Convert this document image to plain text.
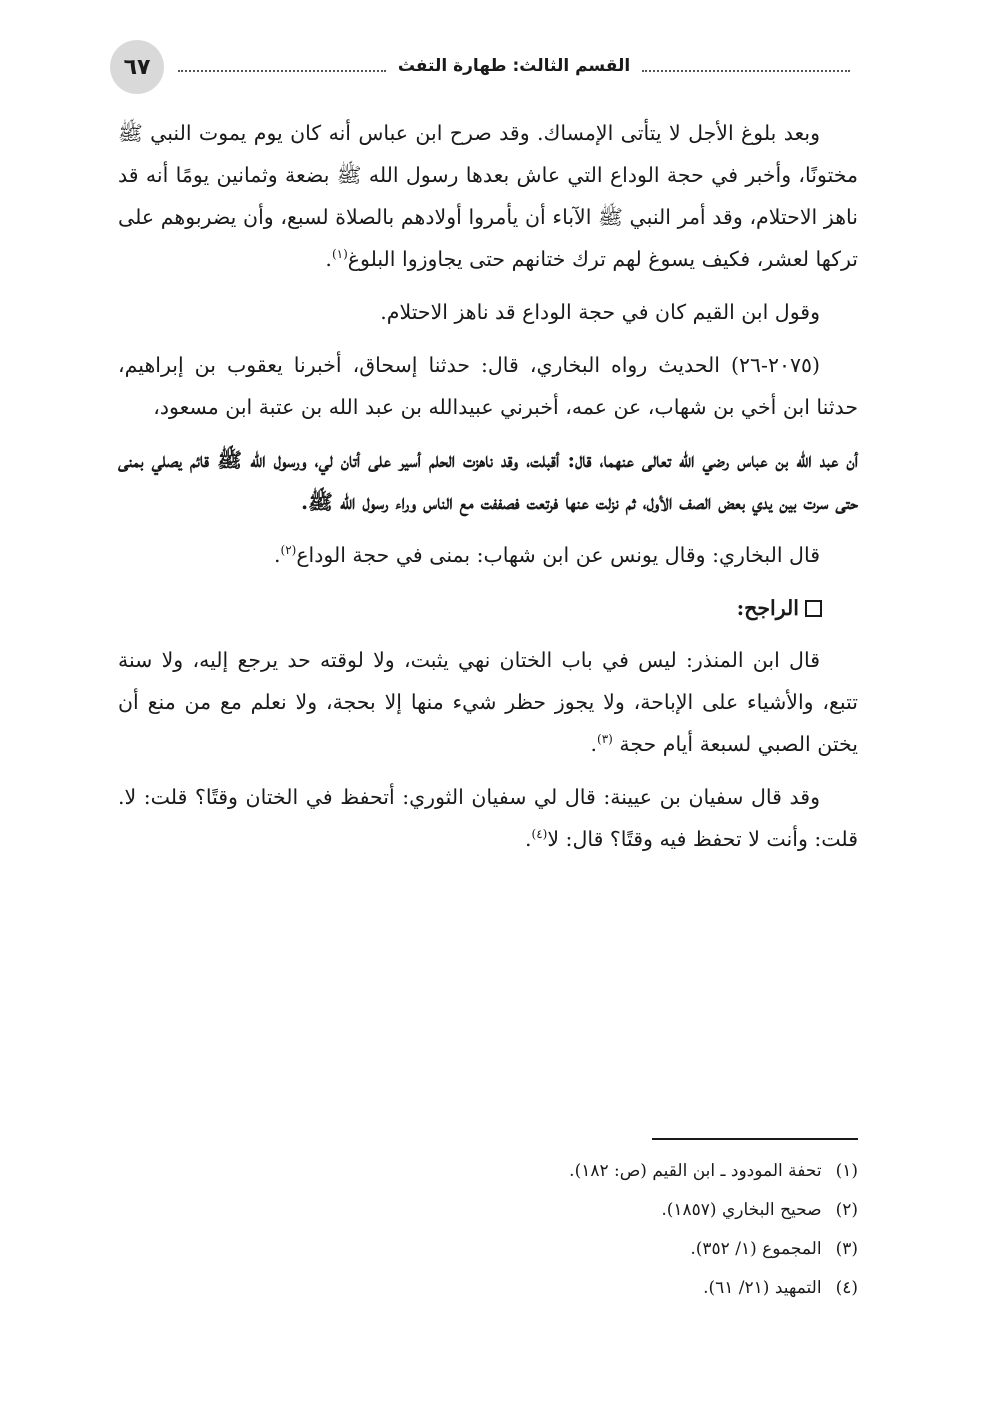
٦٧	القسم الثالث: طهارة التفث

وبعد بلوغ الأجل لا يتأتى الإمساك. وقد صرح ابن عباس أنه كان يوم يموت النبي ﷺ مختونًا، وأخبر في حجة الوداع التي عاش بعدها رسول الله ﷺ بضعة وثمانين يومًا أنه قد ناهز الاحتلام، وقد أمر النبي ﷺ الآباء أن يأمروا أولادهم بالصلاة لسبع، وأن يضربوهم على تركها لعشر، فكيف يسوغ لهم ترك ختانهم حتى يجاوزوا البلوغ$^{(١)}$.

وقول ابن القيم كان في حجة الوداع قد ناهز الاحتلام.

(٢٠٧٥-٢٦) الحديث رواه البخاري، قال: حدثنا إسحاق، أخبرنا يعقوب بن إبراهيم، حدثنا ابن أخي بن شهاب، عن عمه، أخبرني عبيدالله بن عبد الله بن عتبة ابن مسعود،

أن عبد الله بن عباس رضي الله تعالى عنهما، قال: أقبلت، وقد ناهزت الحلم أسير على أتان لي، ورسول الله ﷺ قائم يصلي بمنى حتى سرت بين يدي بعض الصف الأول، ثم نزلت عنها فرتعت فصففت مع الناس وراء رسول الله ﷺ.

قال البخاري: وقال يونس عن ابن شهاب: بمنى في حجة الوداع$^{(٢)}$.

الراجح:

قال ابن المنذر: ليس في باب الختان نهي يثبت، ولا لوقته حد يرجع إليه، ولا سنة تتبع، والأشياء على الإباحة، ولا يجوز حظر شيء منها إلا بحجة، ولا نعلم مع من منع أن يختن الصبي لسبعة أيام حجة $^{(٣)}$.

وقد قال سفيان بن عيينة: قال لي سفيان الثوري: أتحفظ في الختان وقتًا؟ قلت: لا. قلت: وأنت لا تحفظ فيه وقتًا؟ قال: لا$^{(٤)}$.

(١)
تحفة المودود ـ ابن القيم (ص: ١٨٢).
(٢)
صحيح البخاري (١٨٥٧).
(٣)
المجموع (١/ ٣٥٢).
(٤)
التمهيد (٢١/ ٦١).
